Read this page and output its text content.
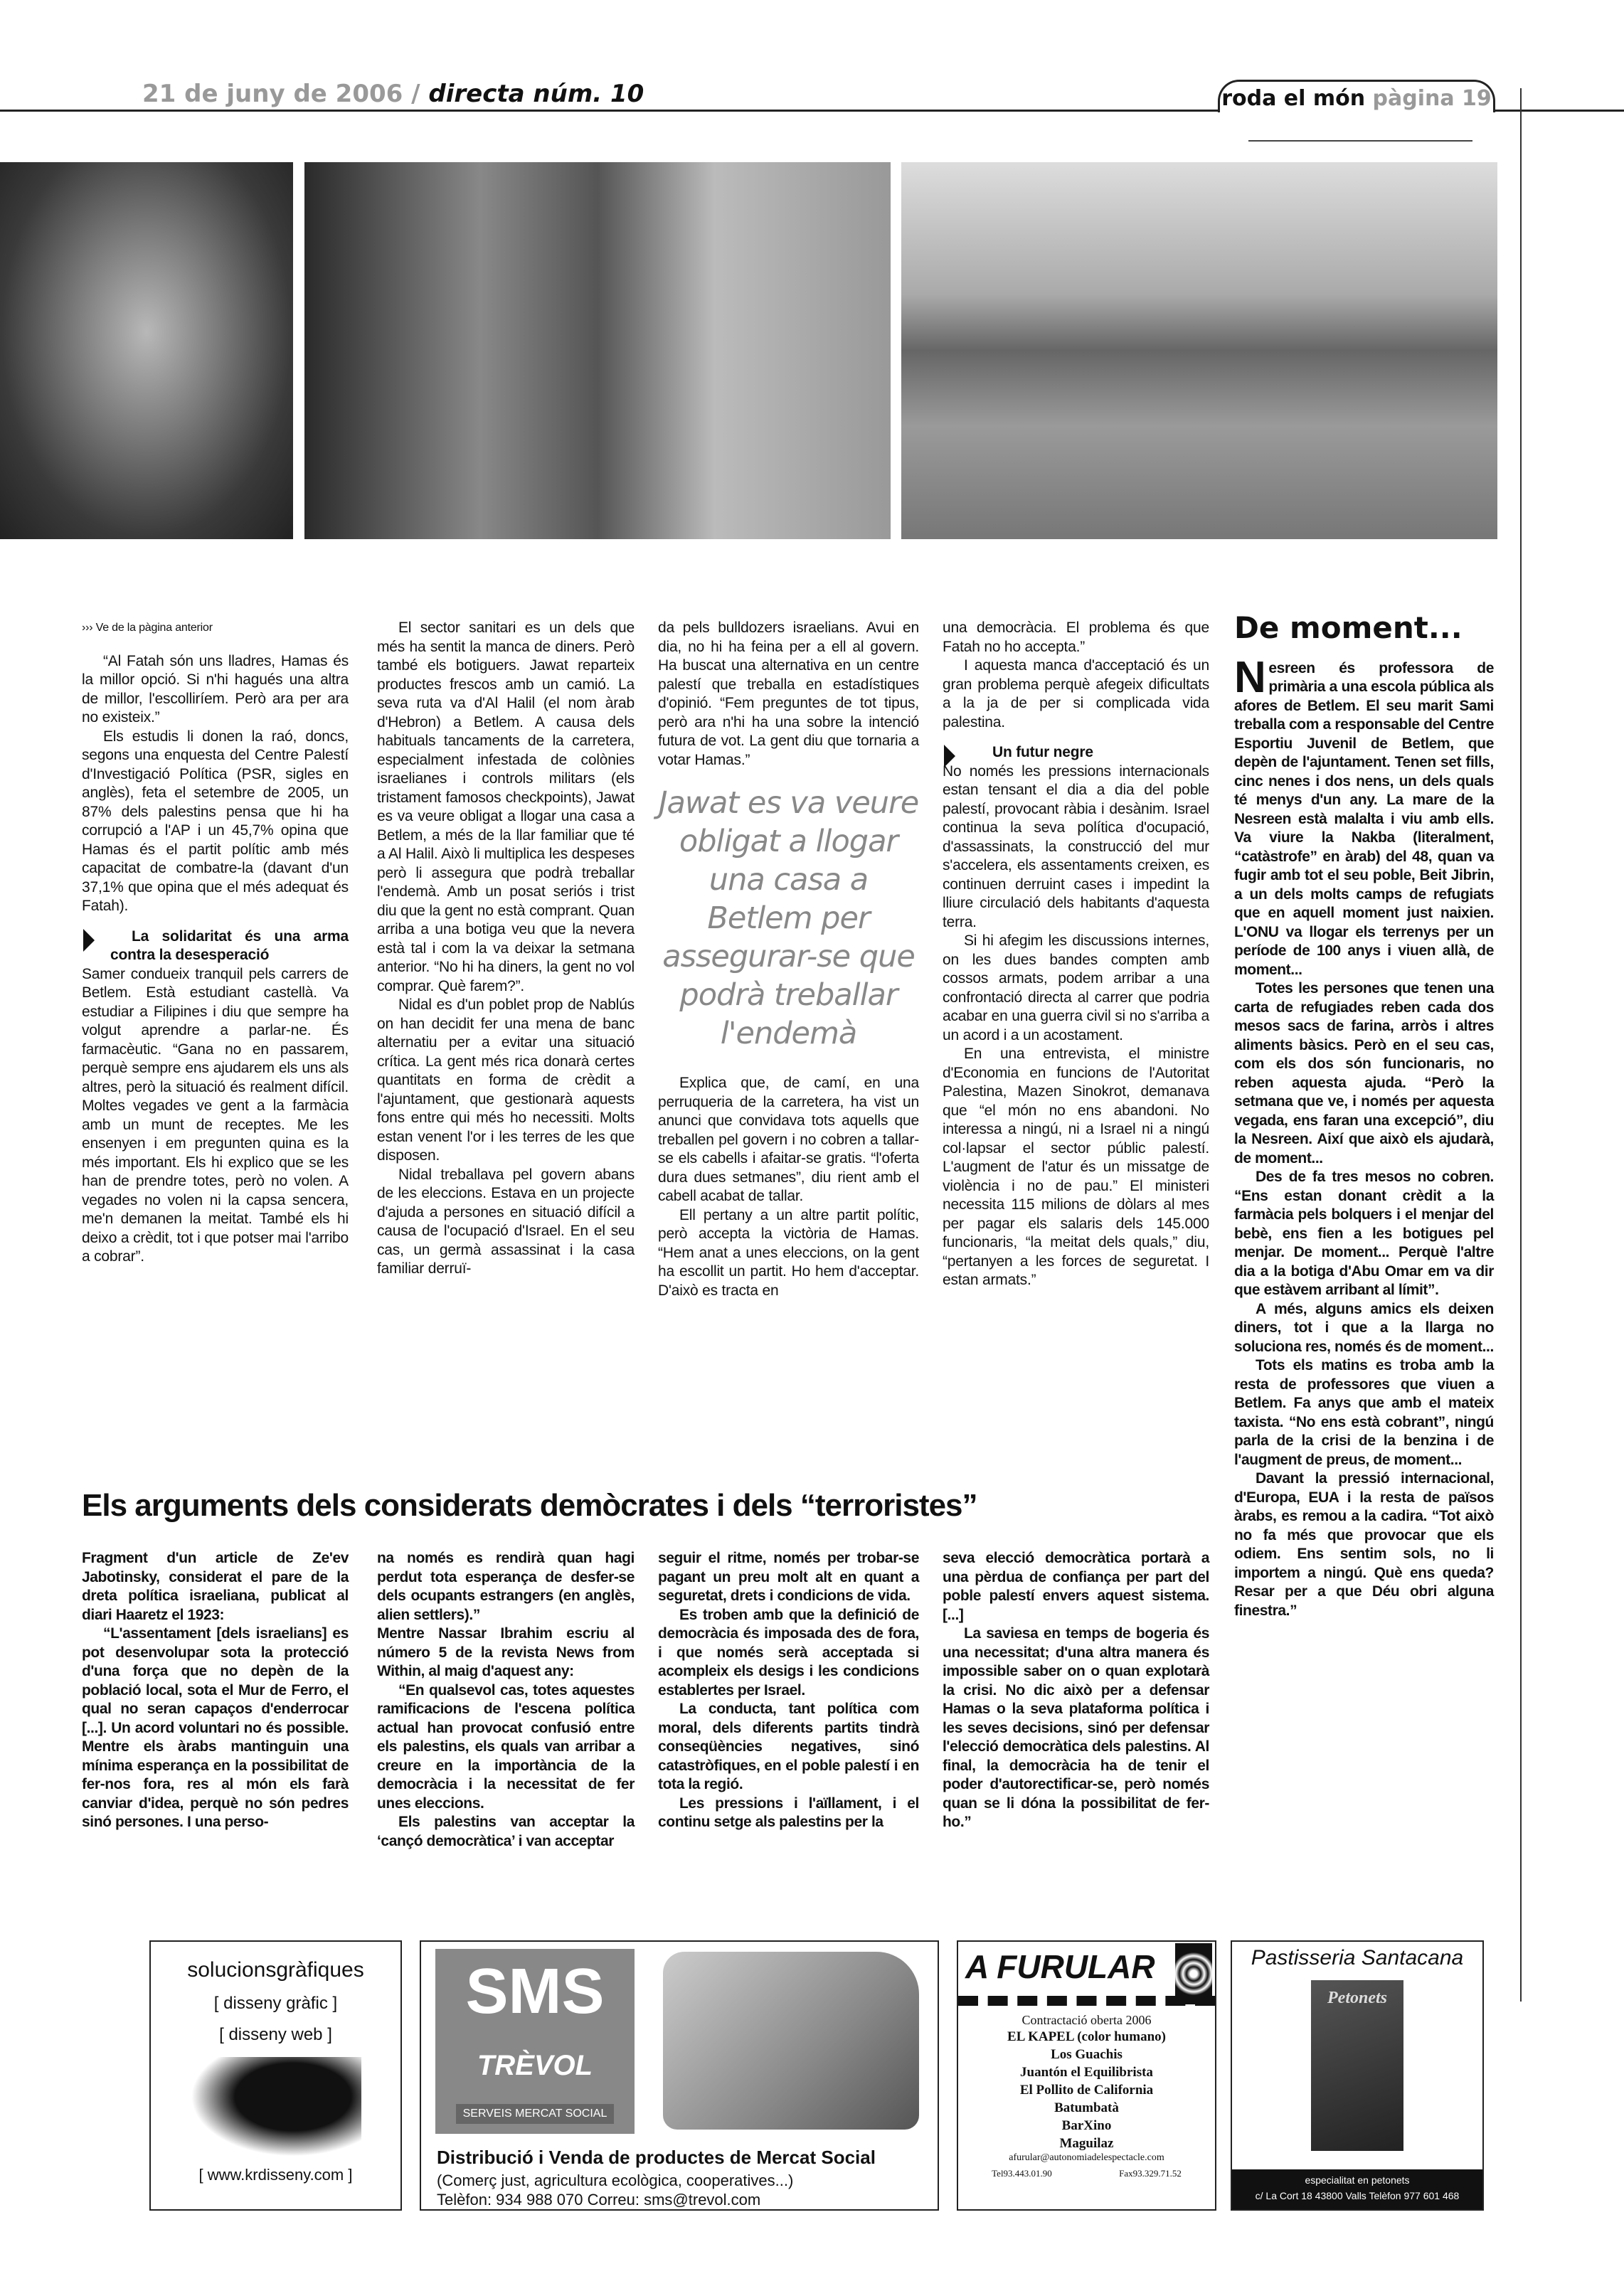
21 de juny de 2006 / directa núm. 10	roda el món pàgina 19
››› Ve de la pàgina anterior

“Al Fatah són uns lladres, Hamas és la millor opció. Si n'hi hagués una altra de millor, l'escolliríem. Però ara per ara no existeix.”

Els estudis li donen la raó, doncs, segons una enquesta del Centre Palestí d'Investigació Política (PSR, sigles en anglès), feta el setembre de 2005, un 87% dels palestins pensa que hi ha corrupció a l'AP i un 45,7% opina que Hamas és el partit polític amb més capacitat de combatre-la (davant d'un 37,1% que opina que el més adequat és Fatah).

La solidaritat és una arma contra la desesperació

Samer condueix tranquil pels carrers de Betlem. Està estudiant castellà. Va estudiar a Filipines i diu que sempre ha volgut aprendre a parlar-ne. És farmacèutic. “Gana no en passarem, perquè sempre ens ajudarem els uns als altres, però la situació és realment difícil. Moltes vegades ve gent a la farmàcia amb un munt de receptes. Me les ensenyen i em pregunten quina es la més important. Els hi explico que se les han de prendre totes, però no volen. A vegades no volen ni la capsa sencera, me'n demanen la meitat. També els hi deixo a crèdit, tot i que potser mai l'arribo a cobrar”.

El sector sanitari es un dels que més ha sentit la manca de diners. Però també els botiguers. Jawat reparteix productes frescos amb un camió. La seva ruta va d'Al Halil (el nom àrab d'Hebron) a Betlem. A causa dels habituals tancaments de la carretera, especialment infestada de colònies israelianes i controls militars (els tristament famosos checkpoints), Jawat es va veure obligat a llogar una casa a Betlem, a més de la llar familiar que té a Al Halil. Això li multiplica les despeses però li assegura que podrà treballar l'endemà. Amb un posat seriós i trist diu que la gent no està comprant. Quan arriba a una botiga veu que la nevera està tal i com la va deixar la setmana anterior. “No hi ha diners, la gent no vol comprar. Què farem?”.

Nidal es d'un poblet prop de Nablús on han decidit fer una mena de banc alternatiu per a evitar una situació crítica. La gent més rica donarà certes quantitats en forma de crèdit a l'ajuntament, que gestionarà aquests fons entre qui més ho necessiti. Molts estan venent l'or i les terres de les que disposen.

Nidal treballava pel govern abans de les eleccions. Estava en un projecte d'ajuda a persones en situació difícil a causa de l'ocupació d'Israel. En el seu cas, un germà assassinat i la casa familiar derruï-

da pels bulldozers israelians. Avui en dia, no hi ha feina per a ell al govern. Ha buscat una alternativa en un centre palestí que treballa en estadístiques d'opinió. “Fem preguntes de tot tipus, però ara n'hi ha una sobre la intenció futura de vot. La gent diu que tornaria a votar Hamas.”

Jawat es va veure obligat a llogar una casa a Betlem per assegurar-se que podrà treballar l'endemà

Explica que, de camí, en una perruqueria de la carretera, ha vist un anunci que convidava tots aquells que treballen pel govern i no cobren a tallar-se els cabells i afaitar-se gratis. “l'oferta dura dues setmanes”, diu rient amb el cabell acabat de tallar.

Ell pertany a un altre partit polític, però accepta la victòria de Hamas. “Hem anat a unes eleccions, on la gent ha escollit un partit. Ho hem d'acceptar. D'això es tracta en

una democràcia. El problema és que Fatah no ho accepta.”

I aquesta manca d'acceptació és un gran problema perquè afegeix dificultats a la ja de per si complicada vida palestina.

Un futur negre

No només les pressions internacionals estan tensant el dia a dia del poble palestí, provocant ràbia i desànim. Israel continua la seva política d'ocupació, d'assassinats, la construcció del mur s'accelera, els assentaments creixen, es continuen derruint cases i impedint la lliure circulació dels habitants d'aquesta terra.

Si hi afegim les discussions internes, on les dues bandes compten amb cossos armats, podem arribar a una confrontació directa al carrer que podria acabar en una guerra civil si no s'arriba a un acord i a un acostament.

En una entrevista, el ministre d'Economia en funcions de l'Autoritat Palestina, Mazen Sinokrot, demanava que “el món no ens abandoni. No interessa a ningú, ni a Israel ni a ningú col·lapsar el sector públic palestí. L'augment de l'atur és un missatge de violència i no de pau.” El ministeri necessita 115 milions de dòlars al mes per pagar els salaris dels 145.000 funcionaris, “la meitat dels quals,” diu, “pertanyen a les forces de seguretat. I estan armats.”

De moment...

Nesreen és professora de primària a una escola pública als afores de Betlem. El seu marit Sami treballa com a responsable del Centre Esportiu Juvenil de Betlem, que depèn de l'ajuntament. Tenen set fills, cinc nenes i dos nens, un dels quals té menys d'un any. La mare de la Nesreen està malalta i viu amb ells. Va viure la Nakba (literalment, “catàstrofe” en àrab) del 48, quan va fugir amb tot el seu poble, Beit Jibrin, a un dels molts camps de refugiats que en aquell moment just naixien. L'ONU va llogar els terrenys per un període de 100 anys i viuen allà, de moment...

Totes les persones que tenen una carta de refugiades reben cada dos mesos sacs de farina, arròs i altres aliments bàsics. Però en el seu cas, com els dos són funcionaris, no reben aquesta ajuda. “Però la setmana que ve, i només per aquesta vegada, ens faran una excepció”, diu la Nesreen. Així que això els ajudarà, de moment...

Des de fa tres mesos no cobren. “Ens estan donant crèdit a la farmàcia pels bolquers i el menjar del bebè, ens fien a les botigues pel menjar. De moment... Perquè l'altre dia a la botiga d'Abu Omar em va dir que estàvem arribant al límit”.

A més, alguns amics els deixen diners, tot i que a la llarga no soluciona res, només és de moment...

Tots els matins es troba amb la resta de professores que viuen a Betlem. Fa anys que amb el mateix taxista. “No ens està cobrant”, ningú parla de la crisi de la benzina i de l'augment de preus, de moment...

Davant la pressió internacional, d'Europa, EUA i la resta de països àrabs, es remou a la cadira. “Tot això no fa més que provocar que els odiem. Ens sentim sols, no li importem a ningú. Què ens queda? Resar per a que Déu obri alguna finestra.”

Els arguments dels considerats demòcrates i dels “terroristes”

Fragment d'un article de Ze'ev Jabotinsky, considerat el pare de la dreta política israeliana, publicat al diari Haaretz el 1923:

“L'assentament [dels israelians] es pot desenvolupar sota la protecció d'una força que no depèn de la població local, sota el Mur de Ferro, el qual no seran capaços d'enderrocar [...]. Un acord voluntari no és possible. Mentre els àrabs mantinguin una mínima esperança en la possibilitat de fer-nos fora, res al món els farà canviar d'idea, perquè no són pedres sinó persones. I una perso-

na només es rendirà quan hagi perdut tota esperança de desfer-se dels ocupants estrangers (en anglès, alien settlers).”

Mentre Nassar Ibrahim escriu al número 5 de la revista News from Within, al maig d'aquest any:

“En qualsevol cas, totes aquestes ramificacions de l'escena política actual han provocat confusió entre els palestins, els quals van arribar a creure en la importància de la democràcia i la necessitat de fer unes eleccions.

Els palestins van acceptar la ‘cançó democràtica’ i van acceptar

seguir el ritme, només per trobar-se pagant un preu molt alt en quant a seguretat, drets i condicions de vida.

Es troben amb que la definició de democràcia és imposada des de fora, i que només serà acceptada si acompleix els desigs i les condicions establertes per Israel.

La conducta, tant política com moral, dels diferents partits tindrà conseqüències negatives, sinó catastròfiques, en el poble palestí i en tota la regió.

Les pressions i l'aïllament, i el continu setge als palestins per la

seva elecció democràtica portarà a una pèrdua de confiança per part del poble palestí envers aquest sistema. [...]

La saviesa en temps de bogeria és una necessitat; d'una altra manera és impossible saber on o quan explotarà la crisi. No dic això per a defensar Hamas o la seva plataforma política i les seves decisions, sinó per defensar l'elecció democràtica dels palestins. Al final, la democràcia ha de tenir el poder d'autorectificar-se, però només quan se li dóna la possibilitat de fer-ho.”

solucionsgràfiques
[ disseny gràfic ]
[ disseny web ]
[ www.krdisseny.com ]
SMS
TRÈVOL
SERVEIS MERCAT SOCIAL
Distribució i Venda de productes de Mercat Social
(Comerç just, agricultura ecològica, cooperatives...)
Telèfon: 934 988 070 Correu: sms@trevol.com
A FURULAR
Contractació oberta 2006
EL KAPEL (color humano)
Los Guachis
Juantón el Equilibrista
El Pollito de California
Batumbatà
BarXino
Maguilaz
afurular@autonomiadelespectacle.com
Tel93.443.01.90	Fax93.329.71.52
Pastisseria Santacana
Petonets
especialitat en petonets
c/ La Cort 18 43800 Valls Telèfon 977 601 468
